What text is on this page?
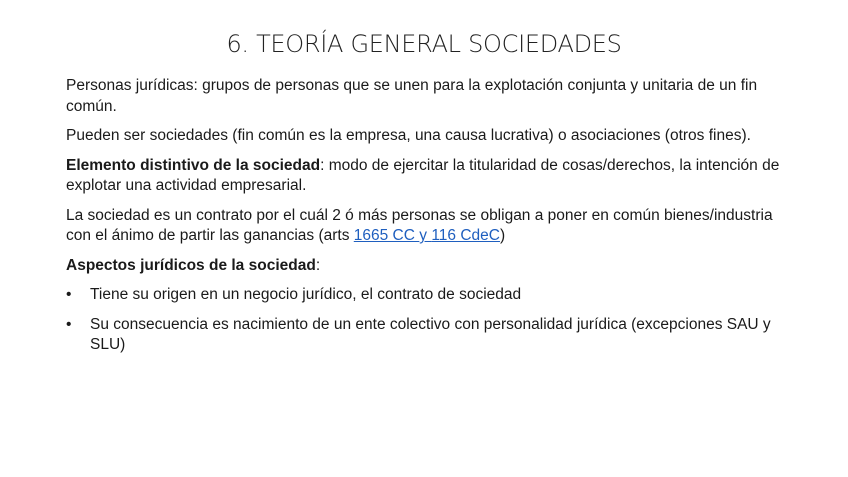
6. TEORÍA GENERAL SOCIEDADES

Personas jurídicas: grupos de personas que se unen para la explotación conjunta y unitaria de un fin común.

Pueden ser sociedades (fin común es la empresa, una causa lucrativa) o asociaciones (otros fines).

Elemento distintivo de la sociedad: modo de ejercitar la titularidad de cosas/derechos, la intención de explotar una actividad empresarial.

La sociedad es un contrato por el cuál 2 ó más personas se obligan a poner en común bienes/industria con el ánimo de partir las ganancias (arts 1665 CC y 116 CdeC)

Aspectos jurídicos de la sociedad:

• Tiene su origen en un negocio jurídico, el contrato de sociedad
• Su consecuencia es nacimiento de un ente colectivo con personalidad jurídica (excepciones SAU y SLU)
